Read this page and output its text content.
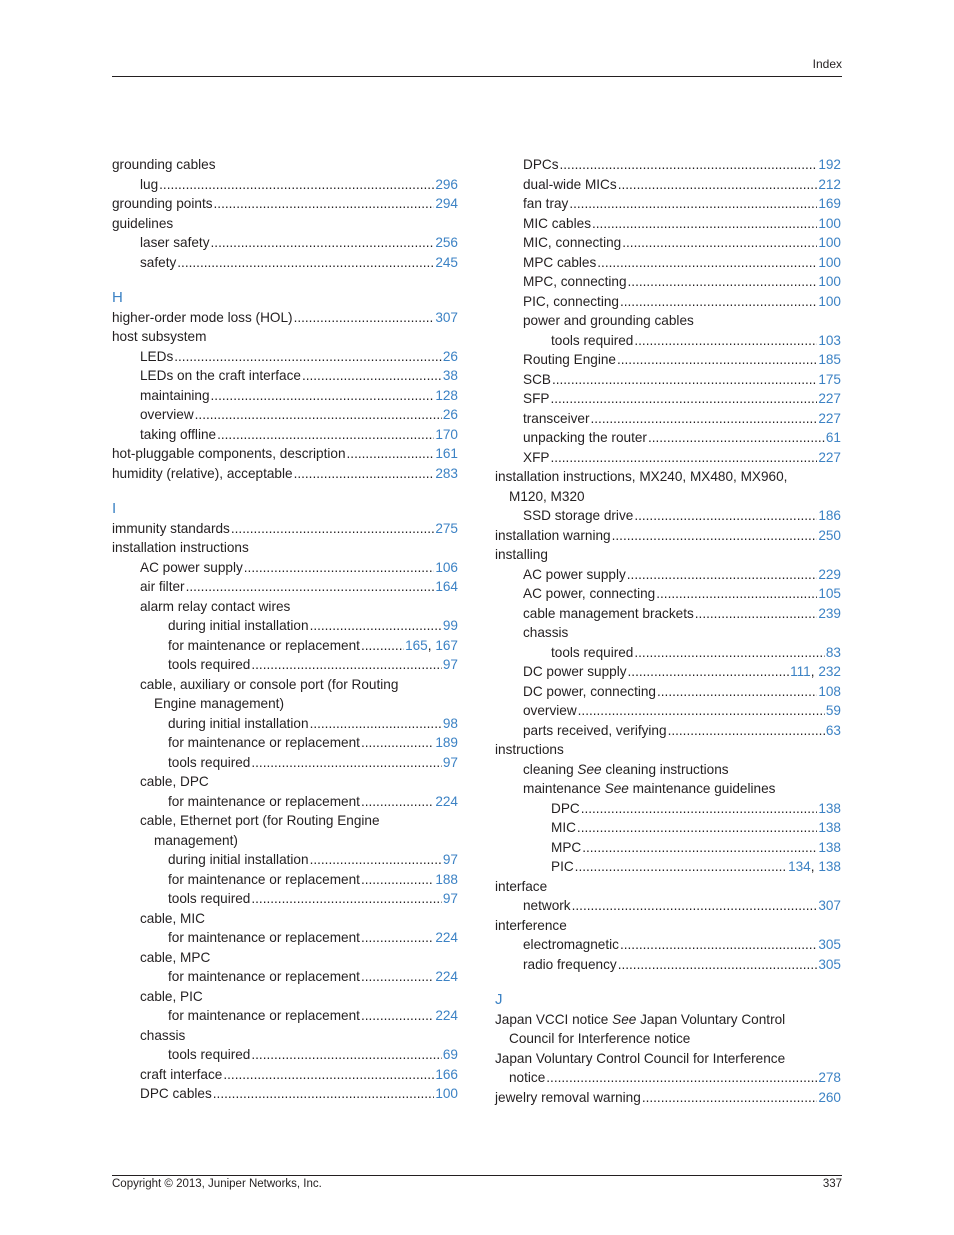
Index
grounding cables
lug .....	296
grounding points .....	294
guidelines
laser safety .....	256
safety .....	245
H
higher-order mode loss (HOL) .....	307
host subsystem
LEDs .....	26
LEDs on the craft interface .....	38
maintaining .....	128
overview .....	26
taking offline .....	170
hot-pluggable components, description .....	161
humidity (relative), acceptable .....	283
I
immunity standards .....	275
installation instructions
AC power supply .....	106
air filter .....	164
alarm relay contact wires
during initial installation .....	99
for maintenance or replacement .....	165, 167
tools required .....	97
cable, auxiliary or console port (for Routing
Engine management)
during initial installation .....	98
for maintenance or replacement .....	189
tools required .....	97
cable, DPC
for maintenance or replacement .....	224
cable, Ethernet port (for Routing Engine
management)
during initial installation .....	97
for maintenance or replacement .....	188
tools required .....	97
cable, MIC
for maintenance or replacement .....	224
cable, MPC
for maintenance or replacement .....	224
cable, PIC
for maintenance or replacement .....	224
chassis
tools required .....	69
craft interface .....	166
DPC cables .....	100
DPCs .....	192
dual-wide MICs .....	212
fan tray .....	169
MIC cables .....	100
MIC, connecting .....	100
MPC cables .....	100
MPC, connecting .....	100
PIC, connecting .....	100
power and grounding cables
tools required .....	103
Routing Engine .....	185
SCB .....	175
SFP .....	227
transceiver .....	227
unpacking the router .....	61
XFP .....	227
installation instructions, MX240, MX480, MX960,
M120, M320
SSD storage drive .....	186
installation warning .....	250
installing
AC power supply .....	229
AC power, connecting .....	105
cable management brackets .....	239
chassis
tools required .....	83
DC power supply .....	111, 232
DC power, connecting .....	108
overview .....	59
parts received, verifying .....	63
instructions
cleaning See cleaning instructions
maintenance See maintenance guidelines
DPC .....	138
MIC .....	138
MPC .....	138
PIC .....	134, 138
interface
network .....	307
interference
electromagnetic .....	305
radio frequency .....	305
J
Japan VCCI notice See Japan Voluntary Control
Council for Interference notice
Japan Voluntary Control Council for Interference
notice .....	278
jewelry removal warning .....	260
Copyright © 2013, Juniper Networks, Inc.	337
